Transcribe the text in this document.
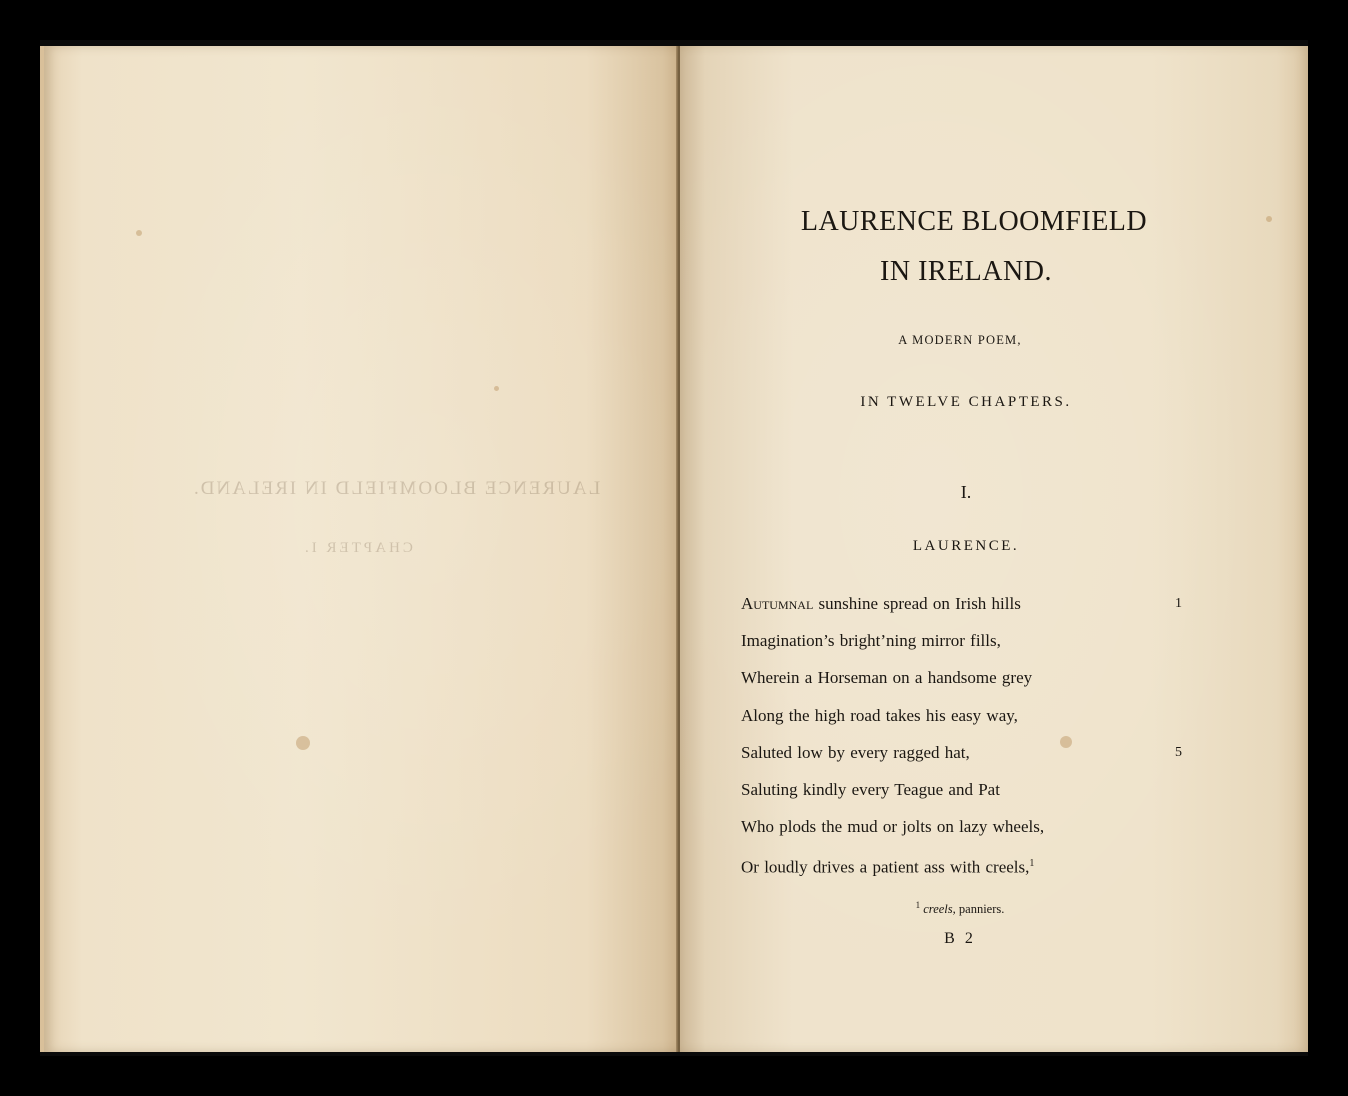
LAURENCE BLOOMFIELD IN IRELAND.
CHAPTER I.
LAURENCE BLOOMFIELD
IN IRELAND.
A MODERN POEM,
IN TWELVE CHAPTERS.
I.
LAURENCE.
Autumnal sunshine spread on Irish hills	1
Imagination’s bright’ning mirror fills,
Wherein a Horseman on a handsome grey
Along the high road takes his easy way,
Saluted low by every ragged hat,	5
Saluting kindly every Teague and Pat
Who plods the mud or jolts on lazy wheels,
Or loudly drives a patient ass with creels,$^1$
$^1$ creels, panniers.
B 2
